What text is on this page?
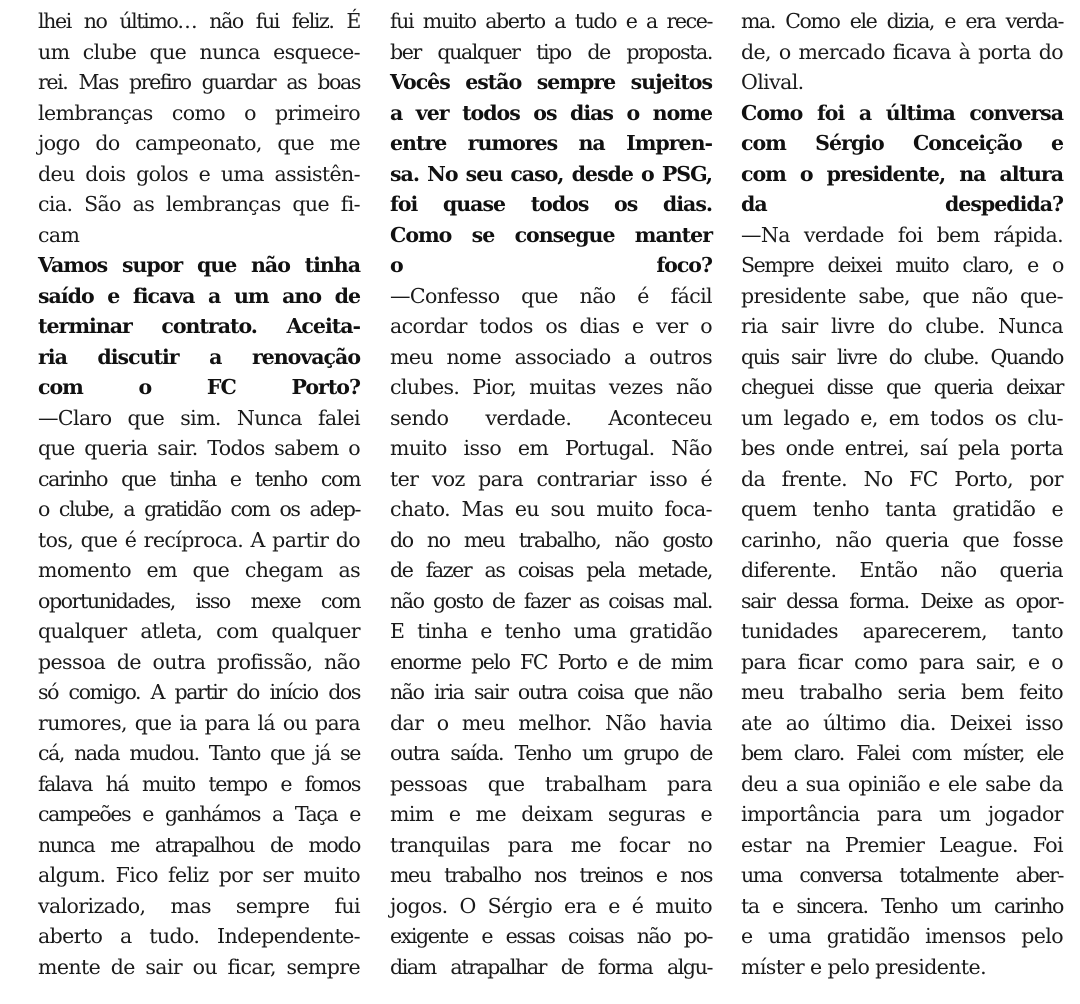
lhei no último… não fui feliz. É
um clube que nunca esquece-
rei. Mas prefiro guardar as boas
lembranças como o primeiro
jogo do campeonato, que me
deu dois golos e uma assistên-
cia. São as lembranças que fi-
cam
Vamos supor que não tinha
saído e ficava a um ano de
terminar contrato. Aceita-
ria discutir a renovação
com o FC Porto?
—Claro que sim. Nunca falei
que queria sair. Todos sabem o
carinho que tinha e tenho com
o clube, a gratidão com os adep-
tos, que é recíproca. A partir do
momento em que chegam as
oportunidades, isso mexe com
qualquer atleta, com qualquer
pessoa de outra profissão, não
só comigo. A partir do início dos
rumores, que ia para lá ou para
cá, nada mudou. Tanto que já se
falava há muito tempo e fomos
campeões e ganhámos a Taça e
nunca me atrapalhou de modo
algum. Fico feliz por ser muito
valorizado, mas sempre fui
aberto a tudo. Independente-
mente de sair ou ficar, sempre
fui muito aberto a tudo e a rece-
ber qualquer tipo de proposta.
Vocês estão sempre sujeitos
a ver todos os dias o nome
entre rumores na Impren-
sa. No seu caso, desde o PSG,
foi quase todos os dias.
Como se consegue manter
o foco?
—Confesso que não é fácil
acordar todos os dias e ver o
meu nome associado a outros
clubes. Pior, muitas vezes não
sendo verdade. Aconteceu
muito isso em Portugal. Não
ter voz para contrariar isso é
chato. Mas eu sou muito foca-
do no meu trabalho, não gosto
de fazer as coisas pela metade,
não gosto de fazer as coisas mal.
E tinha e tenho uma gratidão
enorme pelo FC Porto e de mim
não iria sair outra coisa que não
dar o meu melhor. Não havia
outra saída. Tenho um grupo de
pessoas que trabalham para
mim e me deixam seguras e
tranquilas para me focar no
meu trabalho nos treinos e nos
jogos. O Sérgio era e é muito
exigente e essas coisas não po-
diam atrapalhar de forma algu-
ma. Como ele dizia, e era verda-
de, o mercado ficava à porta do
Olival.
Como foi a última conversa
com Sérgio Conceição e
com o presidente, na altura
da despedida?
—Na verdade foi bem rápida.
Sempre deixei muito claro, e o
presidente sabe, que não que-
ria sair livre do clube. Nunca
quis sair livre do clube. Quando
cheguei disse que queria deixar
um legado e, em todos os clu-
bes onde entrei, saí pela porta
da frente. No FC Porto, por
quem tenho tanta gratidão e
carinho, não queria que fosse
diferente. Então não queria
sair dessa forma. Deixe as opor-
tunidades aparecerem, tanto
para ficar como para sair, e o
meu trabalho seria bem feito
ate ao último dia. Deixei isso
bem claro. Falei com míster, ele
deu a sua opinião e ele sabe da
importância para um jogador
estar na Premier League. Foi
uma conversa totalmente aber-
ta e sincera. Tenho um carinho
e uma gratidão imensos pelo
míster e pelo presidente.
